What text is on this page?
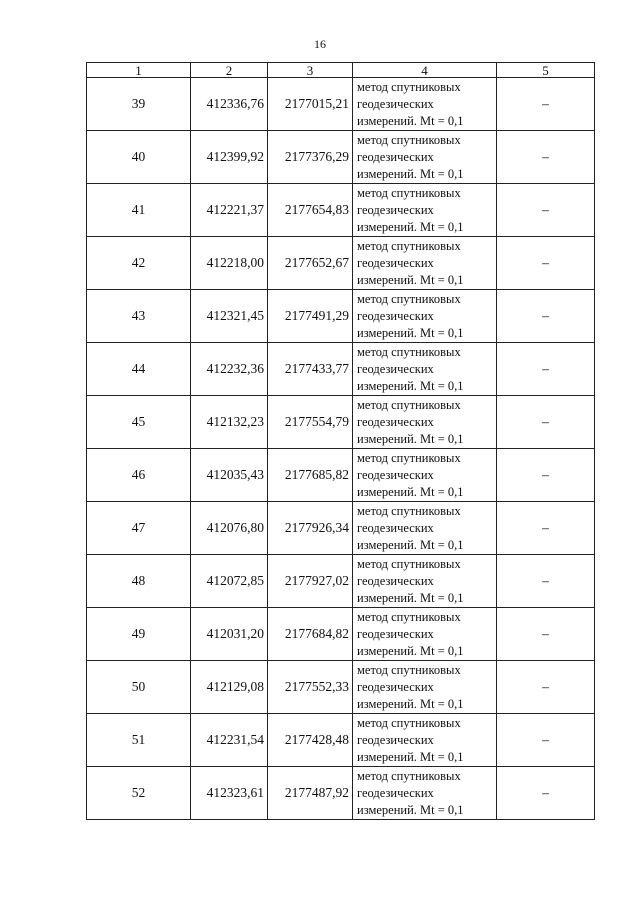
16
1	2	3	4	5
39	412336,76	2177015,21	метод спутниковых
геодезических
измерений. Mt = 0,1	–
40	412399,92	2177376,29	метод спутниковых
геодезических
измерений. Mt = 0,1	–
41	412221,37	2177654,83	метод спутниковых
геодезических
измерений. Mt = 0,1	–
42	412218,00	2177652,67	метод спутниковых
геодезических
измерений. Mt = 0,1	–
43	412321,45	2177491,29	метод спутниковых
геодезических
измерений. Mt = 0,1	–
44	412232,36	2177433,77	метод спутниковых
геодезических
измерений. Mt = 0,1	–
45	412132,23	2177554,79	метод спутниковых
геодезических
измерений. Mt = 0,1	–
46	412035,43	2177685,82	метод спутниковых
геодезических
измерений. Mt = 0,1	–
47	412076,80	2177926,34	метод спутниковых
геодезических
измерений. Mt = 0,1	–
48	412072,85	2177927,02	метод спутниковых
геодезических
измерений. Mt = 0,1	–
49	412031,20	2177684,82	метод спутниковых
геодезических
измерений. Mt = 0,1	–
50	412129,08	2177552,33	метод спутниковых
геодезических
измерений. Mt = 0,1	–
51	412231,54	2177428,48	метод спутниковых
геодезических
измерений. Mt = 0,1	–
52	412323,61	2177487,92	метод спутниковых
геодезических
измерений. Mt = 0,1	–
